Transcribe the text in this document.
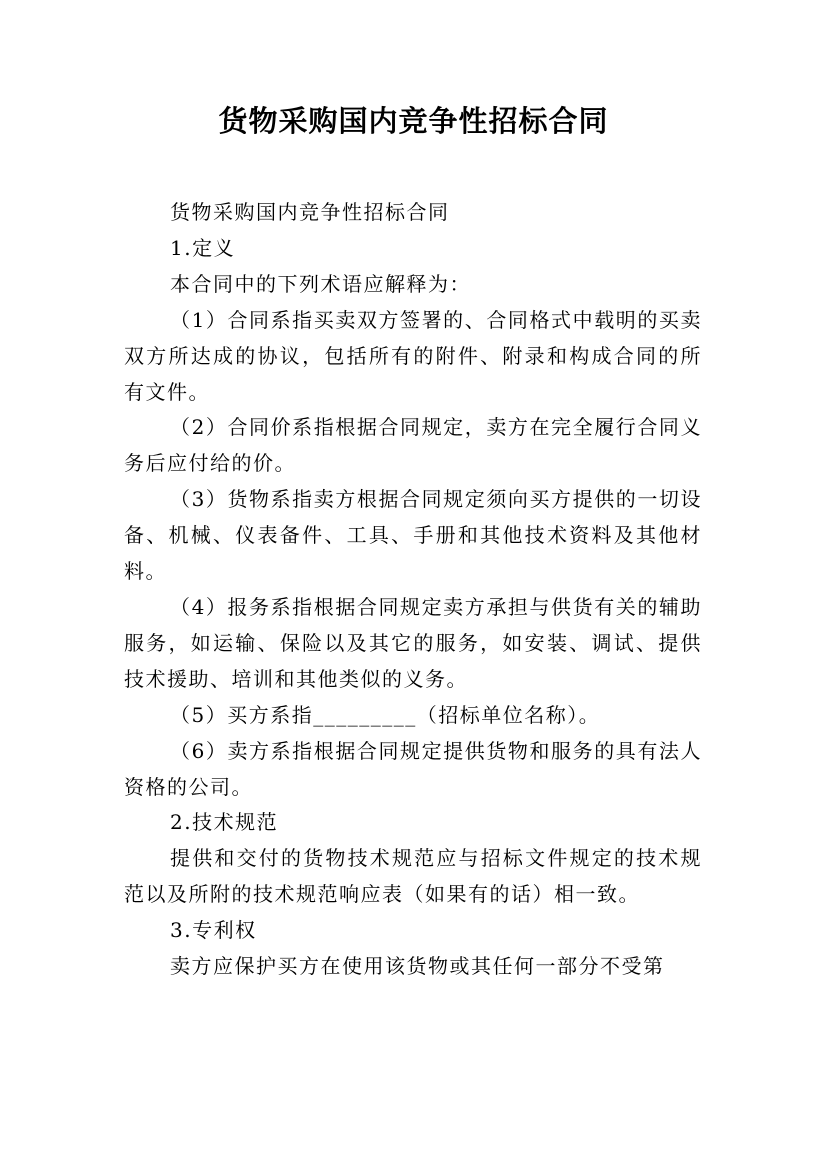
货物采购国内竞争性招标合同

货物采购国内竞争性招标合同

1.定义

本合同中的下列术语应解释为：

（1）合同系指买卖双方签署的、合同格式中载明的买卖双方所达成的协议，包括所有的附件、附录和构成合同的所有文件。

（2）合同价系指根据合同规定，卖方在完全履行合同义务后应付给的价。

（3）货物系指卖方根据合同规定须向买方提供的一切设备、机械、仪表备件、工具、手册和其他技术资料及其他材料。

（4）报务系指根据合同规定卖方承担与供货有关的辅助服务，如运输、保险以及其它的服务，如安装、调试、提供技术援助、培训和其他类似的义务。

（5）买方系指_________（招标单位名称）。

（6）卖方系指根据合同规定提供货物和服务的具有法人资格的公司。

2.技术规范

提供和交付的货物技术规范应与招标文件规定的技术规范以及所附的技术规范响应表（如果有的话）相一致。

3.专利权

卖方应保护买方在使用该货物或其任何一部分不受第
